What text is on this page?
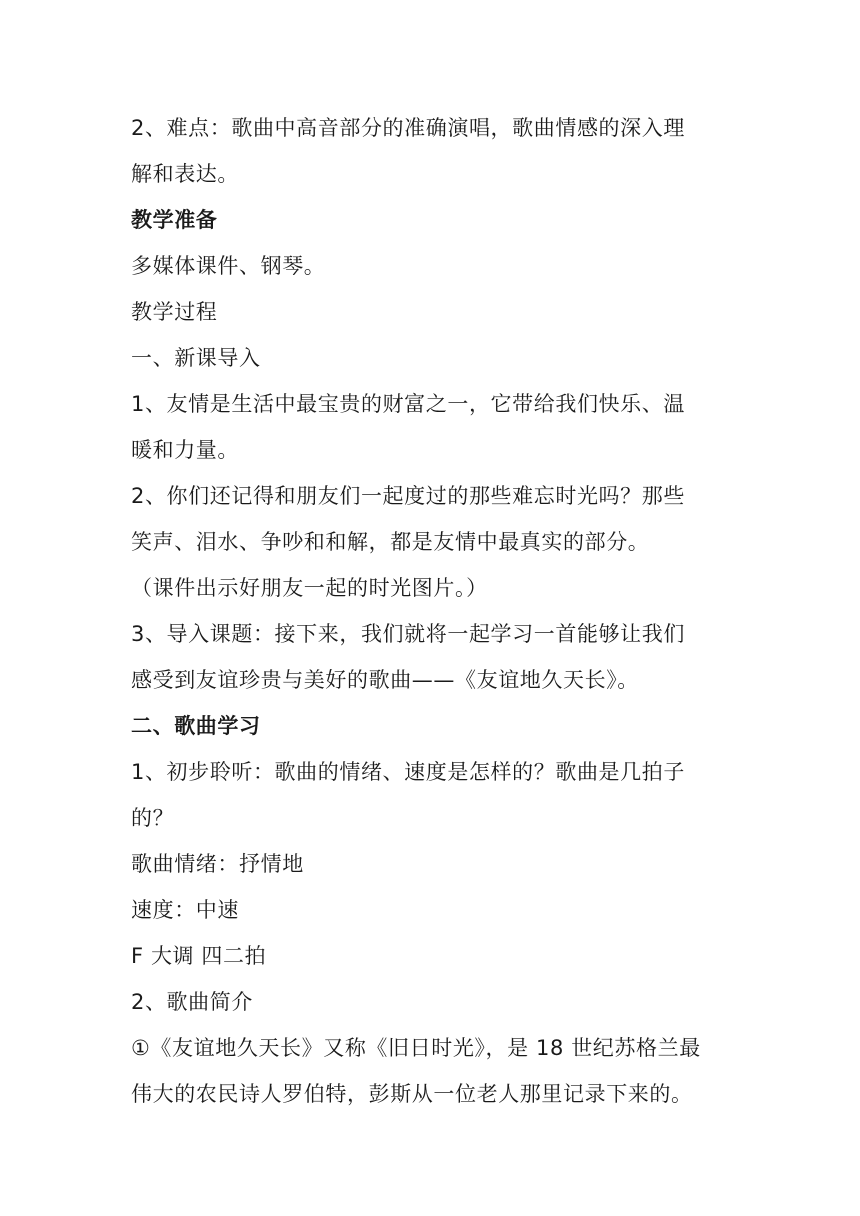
2、难点：歌曲中高音部分的准确演唱，歌曲情感的深入理

解和表达。

教学准备

多媒体课件、钢琴。

教学过程

一、新课导入

1、友情是生活中最宝贵的财富之一，它带给我们快乐、温

暖和力量。

2、你们还记得和朋友们一起度过的那些难忘时光吗？那些

笑声、泪水、争吵和和解，都是友情中最真实的部分。

（课件出示好朋友一起的时光图片。）

3、导入课题：接下来，我们就将一起学习一首能够让我们

感受到友谊珍贵与美好的歌曲——《友谊地久天长》。

二、歌曲学习

1、初步聆听：歌曲的情绪、速度是怎样的？歌曲是几拍子

的？

歌曲情绪：抒情地

速度：中速

F 大调 四二拍

2、歌曲简介

①《友谊地久天长》又称《旧日时光》，是 18 世纪苏格兰最

伟大的农民诗人罗伯特，彭斯从一位老人那里记录下来的。
